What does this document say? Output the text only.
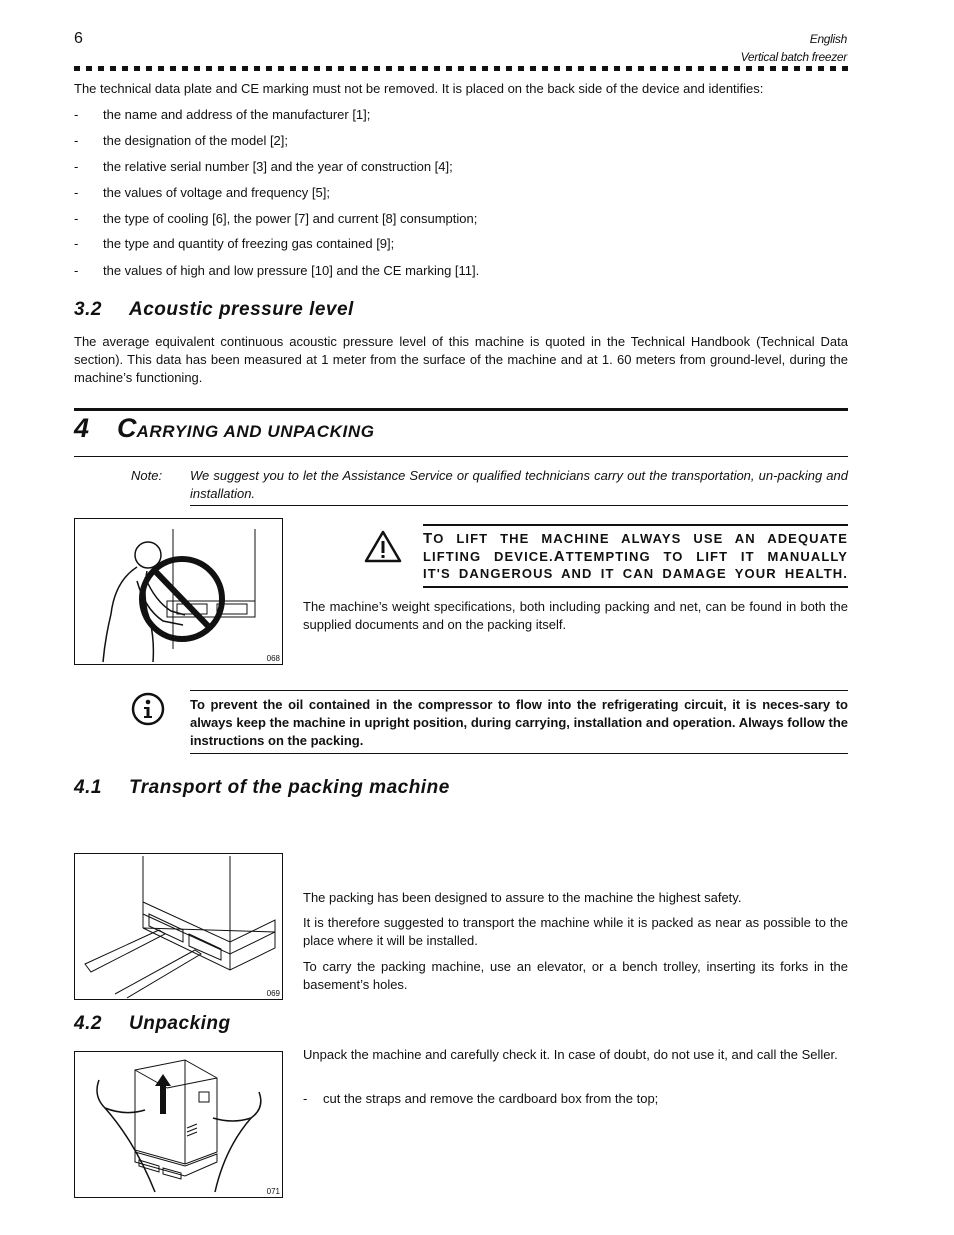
6	English
Vertical batch freezer
The technical data plate and CE marking must not be removed. It is placed on the back side of the device and identifies:
- the name and address of the manufacturer [1];
- the designation of the model [2];
- the relative serial number [3] and the year of construction [4];
- the values of voltage and frequency [5];
- the type of cooling [6], the power [7] and current [8] consumption;
- the type and quantity of freezing gas contained [9];
- the values of high and low pressure [10] and the CE marking [11].
3.2 Acoustic pressure level
The average equivalent continuous acoustic pressure level of this machine is quoted in the Technical Handbook (Technical Data section). This data has been measured at 1 meter from the surface of the machine and at 1. 60 meters from ground-level, during the machine’s functioning.
4 CARRYING AND UNPACKING
Note: We suggest you to let the Assistance Service or qualified technicians carry out the transportation, un-packing and installation.
068
TO LIFT THE MACHINE ALWAYS USE AN ADEQUATE
LIFTING DEVICE.ATTEMPTING TO LIFT IT MANUALLY
IT'S DANGEROUS AND IT CAN DAMAGE YOUR HEALTH.
The machine’s weight specifications, both including packing and net, can be found in both the supplied documents and on the packing itself.
To prevent the oil contained in the compressor to flow into the refrigerating circuit, it is neces-sary to always keep the machine in upright position, during carrying, installation and operation. Always follow the instructions on the packing.
4.1 Transport of the packing machine
069
The packing has been designed to assure to the machine the highest safety.
It is therefore suggested to transport the machine while it is packed as near as possible to the place where it will be installed.
To carry the packing machine, use an elevator, or a bench trolley, inserting its forks in the basement’s holes.
4.2 Unpacking
071
Unpack the machine and carefully check it. In case of doubt, do not use it, and call the Seller.
- cut the straps and remove the cardboard box from the top;
